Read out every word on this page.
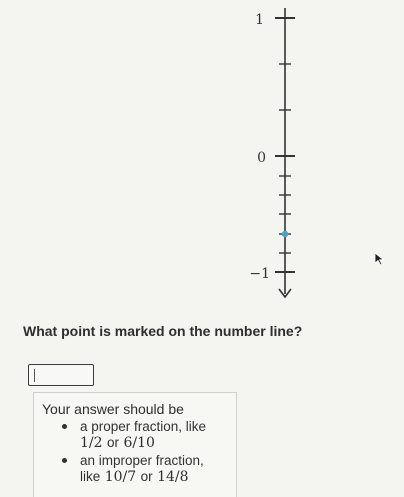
1
0
−1
What point is marked on the number line?
Your answer should be
a proper fraction, like
1/2 or 6/10
an improper fraction,
like 10/7 or 14/8
